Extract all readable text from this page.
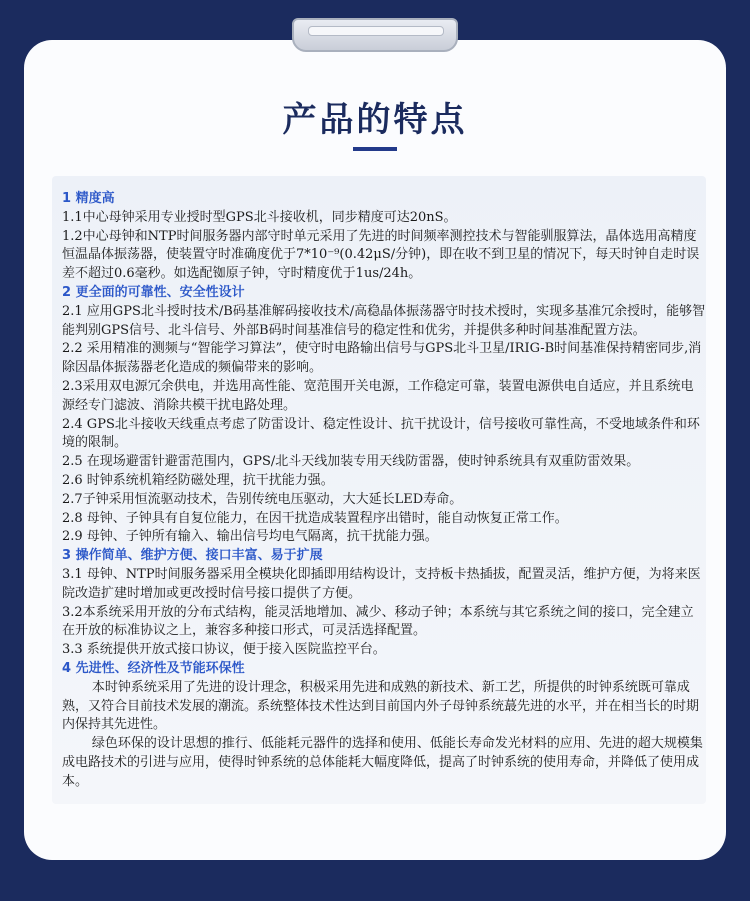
产品的特点

1 精度高

1.1中心母钟采用专业授时型GPS北斗接收机，同步精度可达20nS。

1.2中心母钟和NTP时间服务器内部守时单元采用了先进的时间频率测控技术与智能驯服算法，晶体选用高精度恒温晶体振荡器，使装置守时准确度优于7*10⁻⁹(0.42μS/分钟)，即在收不到卫星的情况下，每天时钟自走时误差不超过0.6毫秒。如选配铷原子钟，守时精度优于1us/24h。

2 更全面的可靠性、安全性设计

2.1 应用GPS北斗授时技术/B码基准解码接收技术/高稳晶体振荡器守时技术授时，实现多基准冗余授时，能够智能判别GPS信号、北斗信号、外部B码时间基准信号的稳定性和优劣，并提供多种时间基准配置方法。

2.2 采用精准的测频与“智能学习算法”，使守时电路输出信号与GPS北斗卫星/IRIG-B时间基准保持精密同步,消除因晶体振荡器老化造成的频偏带来的影响。

2.3采用双电源冗余供电，并选用高性能、宽范围开关电源，工作稳定可靠，装置电源供电自适应，并且系统电源经专门滤波、消除共模干扰电路处理。

2.4 GPS北斗接收天线重点考虑了防雷设计、稳定性设计、抗干扰设计，信号接收可靠性高，不受地域条件和环境的限制。

2.5 在现场避雷针避雷范围内，GPS/北斗天线加装专用天线防雷器，使时钟系统具有双重防雷效果。

2.6 时钟系统机箱经防磁处理，抗干扰能力强。

2.7子钟采用恒流驱动技术，告别传统电压驱动，大大延长LED寿命。

2.8 母钟、子钟具有自复位能力，在因干扰造成装置程序出错时，能自动恢复正常工作。

2.9 母钟、子钟所有输入、输出信号均电气隔离，抗干扰能力强。

3 操作简单、维护方便、接口丰富、易于扩展

3.1 母钟、NTP时间服务器采用全模块化即插即用结构设计，支持板卡热插拔，配置灵活，维护方便，为将来医院改造扩建时增加或更改授时信号接口提供了方便。

3.2本系统采用开放的分布式结构，能灵活地增加、减少、移动子钟；本系统与其它系统之间的接口，完全建立在开放的标准协议之上，兼容多种接口形式，可灵活选择配置。

3.3 系统提供开放式接口协议，便于接入医院监控平台。

4 先进性、经济性及节能环保性

本时钟系统采用了先进的设计理念，积极采用先进和成熟的新技术、新工艺，所提供的时钟系统既可靠成熟，又符合目前技术发展的潮流。系统整体技术性达到目前国内外子母钟系统蕞先进的水平，并在相当长的时期内保持其先进性。

绿色环保的设计思想的推行、低能耗元器件的选择和使用、低能长寿命发光材料的应用、先进的超大规模集成电路技术的引进与应用，使得时钟系统的总体能耗大幅度降低，提高了时钟系统的使用寿命，并降低了使用成本。
